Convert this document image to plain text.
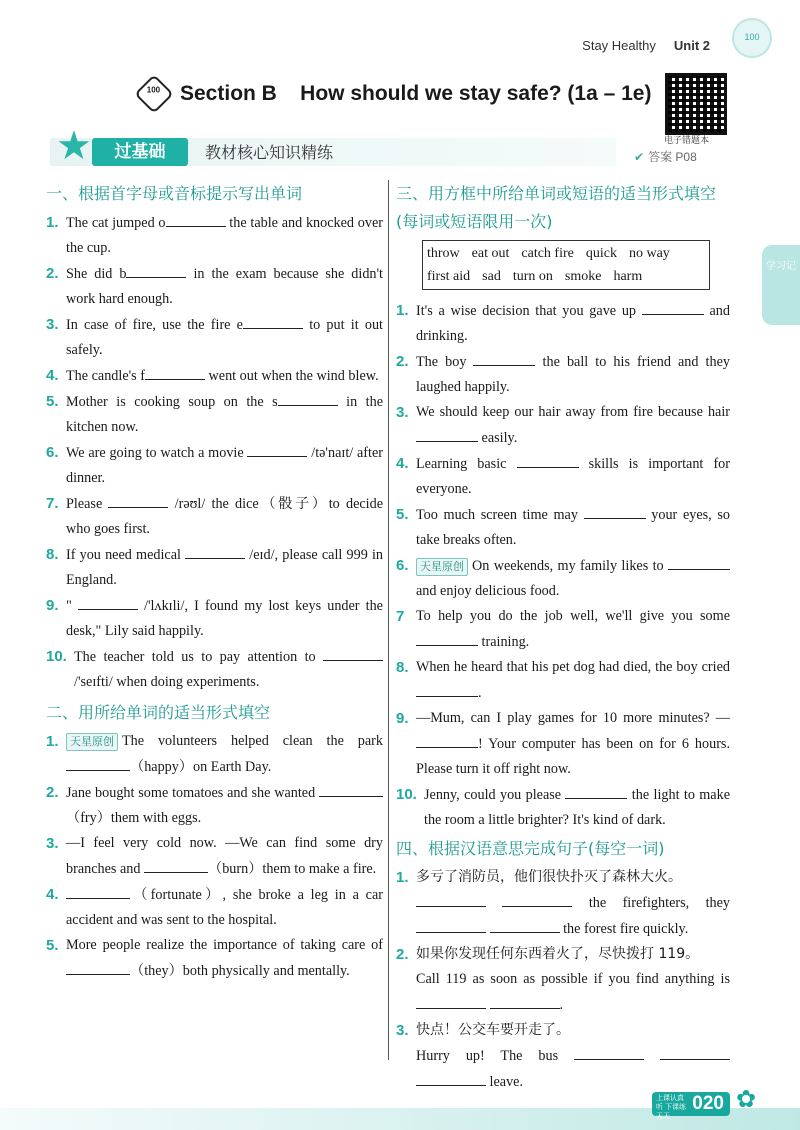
Stay Healthy Unit 2
100
100 Section B    How should we stay safe? (1a – 1e)
电子错题本
✔ 答案 P08
★	过基础	教材核心知识精练
学习记
一、根据首字母或音标提示写出单词
1. The cat jumped o	the table and knocked over the cup.
2. She did b	in the exam because she didn't work hard enough.
3. In case of fire, use the fire e	to put it out safely.
4. The candle's f	went out when the wind blew.
5. Mother is cooking soup on the s	in the kitchen now.
6. We are going to watch a movie	/tə'naɪt/ after dinner.
7. Please	/rəʊl/ the dice（骰子）to decide who goes first.
8. If you need medical	/eɪd/, please call 999 in England.
9. "	/'lʌkɪli/, I found my lost keys under the desk," Lily said happily.
10. The teacher told us to pay attention to  /'seɪfti/ when doing experiments.
二、用所给单词的适当形式填空
1.	天星原创 The volunteers helped clean the park （happy）on Earth Day.
2. Jane bought some tomatoes and she wanted （fry）them with eggs.
3. —I feel very cold now. —We can find some dry branches and	（burn）them to make a fire.
4.	（fortunate）, she broke a leg in a car accident and was sent to the hospital.
5. More people realize the importance of taking care of （they）both physically and mentally.
三、用方框中所给单词或短语的适当形式填空(每词或短语限用一次)
throw eat out catch fire quick no way
first aid sad turn on smoke harm
1. It's a wise decision that you gave up	and drinking.
2. The boy	the ball to his friend and they laughed happily.
3. We should keep our hair away from fire because hair  easily.
4. Learning basic	skills is important for everyone.
5. Too much screen time may	your eyes, so take breaks often.
6.	天星原创 On weekends, my family likes to  and enjoy delicious food.
7 To help you do the job well, we'll give you some  training.
8. When he heard that his pet dog had died, the boy cried .
9. —Mum, can I play games for 10 more minutes? —! Your computer has been on for 6 hours. Please turn it off right now.
10. Jenny, could you please	the light to make the room a little brighter? It's kind of dark.
四、根据汉语意思完成句子(每空一词)
1. 多亏了消防员，他们很快扑灭了森林大火。
the firefighters, they   the forest fire quickly.
2. 如果你发现任何东西着火了，尽快拨打 119。
Call 119 as soon as possible if you find anything is  .
3. 快点！公交车要开走了。
Hurry up! The bus    leave.
上课认真听 下课练天天
020 ✿
